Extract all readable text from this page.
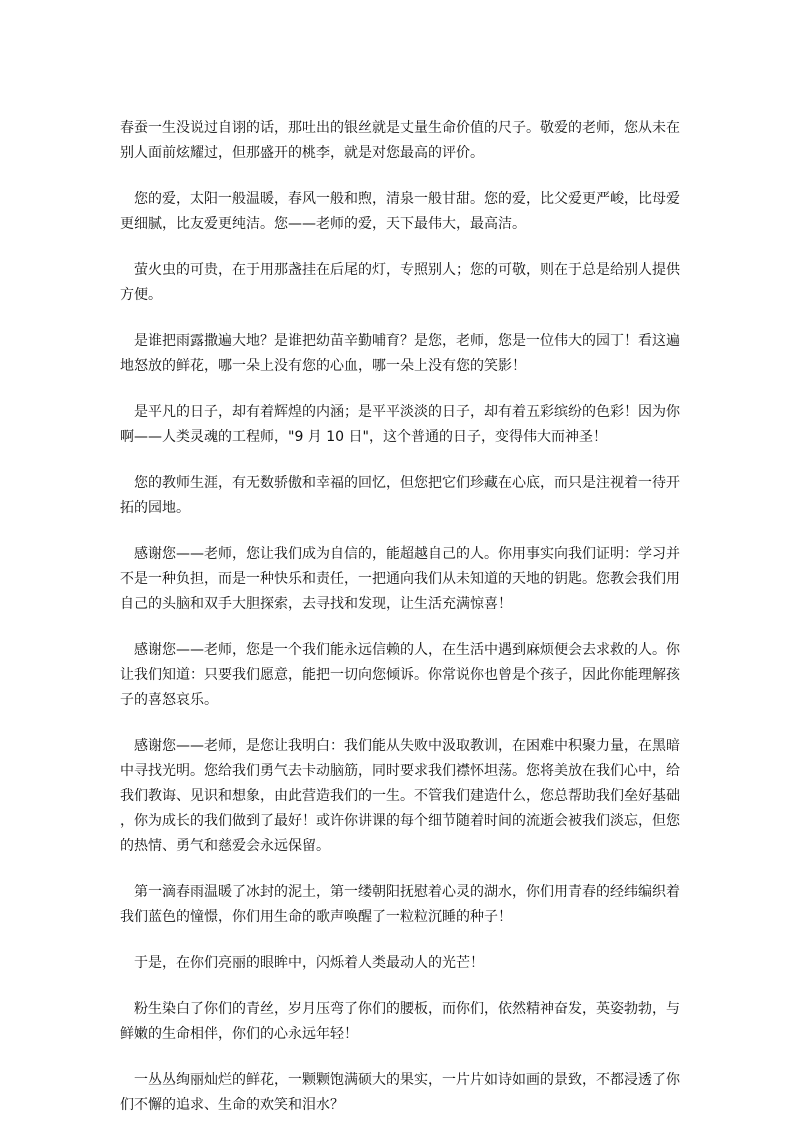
春蚕一生没说过自诩的话，那吐出的银丝就是丈量生命价值的尺子。敬爱的老师，您从未在别人面前炫耀过，但那盛开的桃李，就是对您最高的评价。

您的爱，太阳一般温暖，春风一般和煦，清泉一般甘甜。您的爱，比父爱更严峻，比母爱更细腻，比友爱更纯洁。您——老师的爱，天下最伟大，最高洁。

萤火虫的可贵，在于用那盏挂在后尾的灯，专照别人；您的可敬，则在于总是给别人提供方便。

是谁把雨露撒遍大地？是谁把幼苗辛勤哺育？是您，老师，您是一位伟大的园丁！看这遍地怒放的鲜花，哪一朵上没有您的心血，哪一朵上没有您的笑影！

是平凡的日子，却有着辉煌的内涵；是平平淡淡的日子，却有着五彩缤纷的色彩！因为你啊——人类灵魂的工程师，"9 月 10 日"，这个普通的日子，变得伟大而神圣！

您的教师生涯，有无数骄傲和幸福的回忆，但您把它们珍藏在心底，而只是注视着一待开拓的园地。

感谢您——老师，您让我们成为自信的，能超越自己的人。你用事实向我们证明：学习并不是一种负担，而是一种快乐和责任，一把通向我们从未知道的天地的钥匙。您教会我们用自己的头脑和双手大胆探索，去寻找和发现，让生活充满惊喜！

感谢您——老师，您是一个我们能永远信赖的人，在生活中遇到麻烦便会去求救的人。你让我们知道：只要我们愿意，能把一切向您倾诉。你常说你也曾是个孩子，因此你能理解孩子的喜怒哀乐。

感谢您——老师，是您让我明白：我们能从失败中汲取教训，在困难中积聚力量，在黑暗中寻找光明。您给我们勇气去卡动脑筋，同时要求我们襟怀坦荡。您将美放在我们心中，给我们教诲、见识和想象，由此营造我们的一生。不管我们建造什么，您总帮助我们垒好基础，你为成长的我们做到了最好！或许你讲课的每个细节随着时间的流逝会被我们淡忘，但您的热情、勇气和慈爱会永远保留。

第一滴春雨温暖了冰封的泥土，第一缕朝阳抚慰着心灵的湖水，你们用青春的经纬编织着我们蓝色的憧憬，你们用生命的歌声唤醒了一粒粒沉睡的种子！

于是，在你们亮丽的眼眸中，闪烁着人类最动人的光芒！

粉生染白了你们的青丝，岁月压弯了你们的腰板，而你们，依然精神奋发，英姿勃勃，与鲜嫩的生命相伴，你们的心永远年轻！

一丛丛绚丽灿烂的鲜花，一颗颗饱满硕大的果实，一片片如诗如画的景致，不都浸透了你们不懈的追求、生命的欢笑和泪水？
